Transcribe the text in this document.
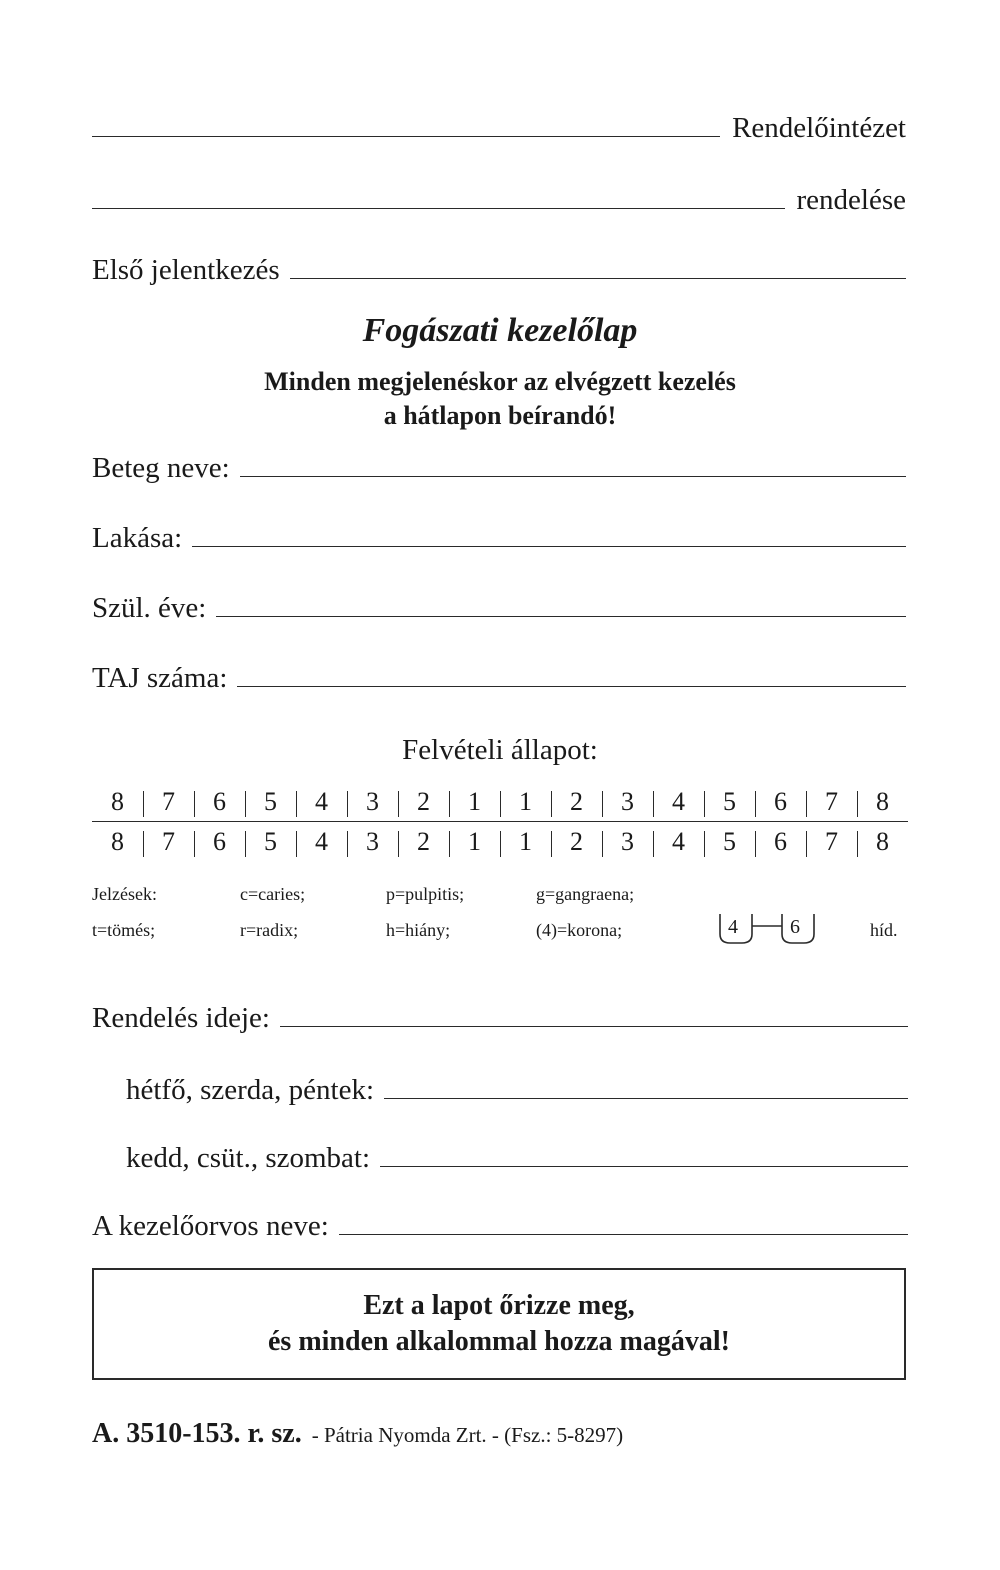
Rendelőintézet
rendelése
Első jelentkezés
Fogászati kezelőlap
Minden megjelenéskor az elvégzett kezelés
a hátlapon beírandó!
Beteg neve:
Lakása:
Szül. éve:
TAJ száma:
Felvételi állapot:
8	7	6	5	4	3	2	1	1	2	3	4	5	6	7	8
8	7	6	5	4	3	2	1	1	2	3	4	5	6	7	8
Jelzések:	c=caries;	p=pulpitis;	g=gangraena;
t=tömés;	r=radix;	h=hiány;	(4)=korona;	4	6	híd.
Rendelés ideje:
hétfő, szerda, péntek:
kedd, csüt., szombat:
A kezelőorvos neve:
Ezt a lapot őrizze meg,
és minden alkalommal hozza magával!
A. 3510-153. r. sz. - Pátria Nyomda Zrt. - (Fsz.: 5-8297)
